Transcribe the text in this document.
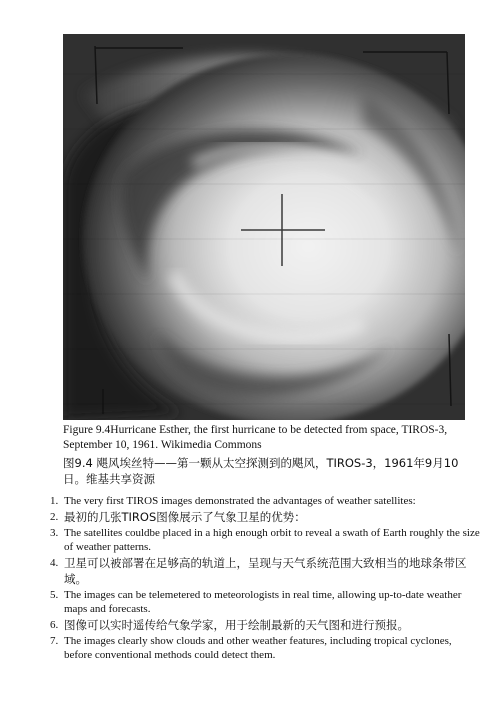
Figure 9.4Hurricane Esther, the first hurricane to be detected from space, TIROS-3, September 10, 1961. Wikimedia Commons

图9.4 飓风埃丝特——第一颗从太空探测到的飓风，TIROS-3，1961年9月10日。维基共享资源

1. The very first TIROS images demonstrated the advantages of weather satellites:
2. 最初的几张TIROS图像展示了气象卫星的优势：
3. The satellites couldbe placed in a high enough orbit to reveal a swath of Earth roughly the size of weather patterns.
4. 卫星可以被部署在足够高的轨道上，呈现与天气系统范围大致相当的地球条带区域。
5. The images can be telemetered to meteorologists in real time, allowing up-to-date weather maps and forecasts.
6. 图像可以实时遥传给气象学家，用于绘制最新的天气图和进行预报。
7. The images clearly show clouds and other weather features, including tropical cyclones, before conventional methods could detect them.
